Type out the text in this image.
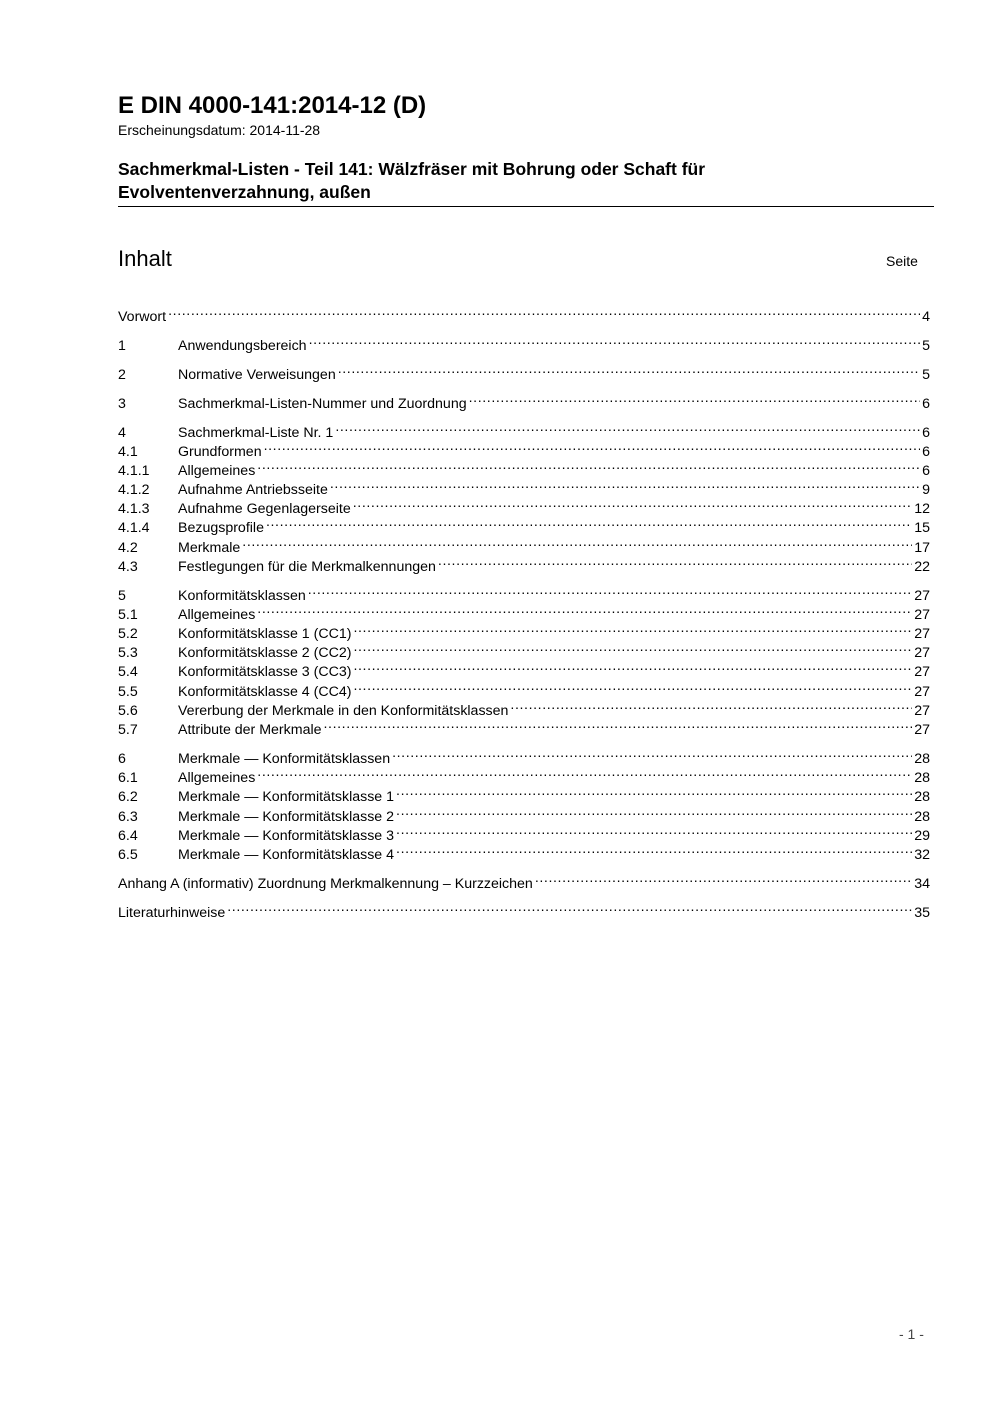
E DIN 4000-141:2014-12 (D)
Erscheinungsdatum: 2014-11-28
Sachmerkmal-Listen - Teil 141: Wälzfräser mit Bohrung oder Schaft für
Evolventenverzahnung, außen
Inhalt	Seite
Vorwort .....	4
1	Anwendungsbereich .....	5
2	Normative Verweisungen .....	5
3	Sachmerkmal-Listen-Nummer und Zuordnung .....	6
4	Sachmerkmal-Liste Nr. 1 .....	6
4.1	Grundformen .....	6
4.1.1	Allgemeines .....	6
4.1.2	Aufnahme Antriebsseite .....	9
4.1.3	Aufnahme Gegenlagerseite .....	12
4.1.4	Bezugsprofile .....	15
4.2	Merkmale .....	17
4.3	Festlegungen für die Merkmalkennungen .....	22
5	Konformitätsklassen .....	27
5.1	Allgemeines .....	27
5.2	Konformitätsklasse 1 (CC1) .....	27
5.3	Konformitätsklasse 2 (CC2) .....	27
5.4	Konformitätsklasse 3 (CC3) .....	27
5.5	Konformitätsklasse 4 (CC4) .....	27
5.6	Vererbung der Merkmale in den Konformitätsklassen .....	27
5.7	Attribute der Merkmale .....	27
6	Merkmale — Konformitätsklassen .....	28
6.1	Allgemeines .....	28
6.2	Merkmale — Konformitätsklasse 1 .....	28
6.3	Merkmale — Konformitätsklasse 2 .....	28
6.4	Merkmale — Konformitätsklasse 3 .....	29
6.5	Merkmale — Konformitätsklasse 4 .....	32
Anhang A (informativ) Zuordnung Merkmalkennung – Kurzzeichen .....	34
Literaturhinweise .....	35
- 1 -
